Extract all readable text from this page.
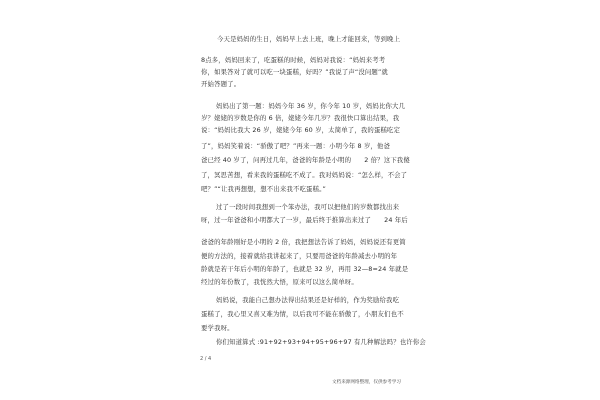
今天是妈妈的生日，妈妈早上去上班，晚上才能回来，等到晚上
8点多，妈妈回来了，吃蛋糕的时候，妈妈对我说：“妈妈来考考
你，如果答对了就可以吃一块蛋糕，好吗？”我说了声“没问题”就
开始答题了。
妈妈出了第一题：妈妈今年 36 岁，你今年 10 岁，妈妈比你大几
岁？姥姥的岁数是你的 6 倍，姥姥今年几岁？我很快口算出结果，我
说：“妈妈比我大 26 岁，姥姥今年 60 岁，太简单了，我的蛋糕吃定
了”，妈妈笑着说：“骄傲了吧？”再来一题：小明今年 8 岁，他爸
爸已经 40 岁了，问再过几年，爸爸的年龄是小明的　　2 倍？这下我傻
了，冥思苦想，看来我的蛋糕吃不成了。我对妈妈说：“怎么样，不会了
吧？”“让我再想想，想不出来我不吃蛋糕。”
过了一段时间我想到一个笨办法，我可以把他们的岁数都找出来
呀，过一年爸爸和小明都大了一岁，最后终于推算出来过了　　24 年后
爸爸的年龄刚好是小明的 2 倍，我把想法告诉了妈妈，妈妈说还有更简
便的方法的，接着就给我讲起来了，只要用爸爸的年龄减去小明的年
龄就是若干年后小明的年龄了，也就是 32 岁，再用 32—8=24 年就是
经过的年份数了，我恍然大悟，原来可以这么简单呀。
妈妈说，我能自己想办法得出结果还是好样的，作为奖励给我吃
蛋糕了，我心里又喜又难为情，以后我可不能在骄傲了，小朋友们也不
要学我呀。
你们知道算式 :91+92+93+94+95+96+97 有几种解法吗？也许你会
2 / 4
文档来源网络整理，仅供参考学习
